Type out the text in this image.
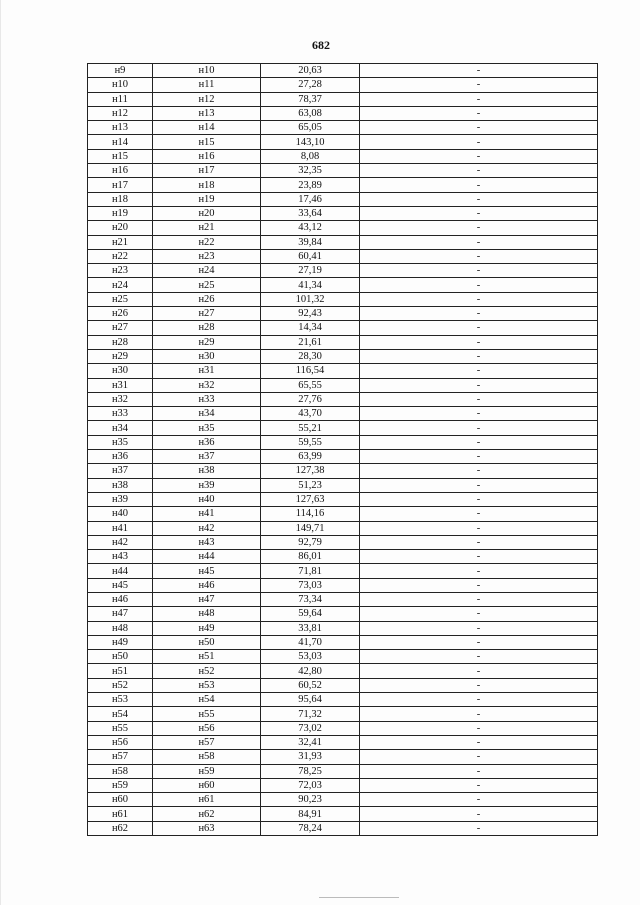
682
н9	н10	20,63	-
н10	н11	27,28	-
н11	н12	78,37	-
н12	н13	63,08	-
н13	н14	65,05	-
н14	н15	143,10	-
н15	н16	8,08	-
н16	н17	32,35	-
н17	н18	23,89	-
н18	н19	17,46	-
н19	н20	33,64	-
н20	н21	43,12	-
н21	н22	39,84	-
н22	н23	60,41	-
н23	н24	27,19	-
н24	н25	41,34	-
н25	н26	101,32	-
н26	н27	92,43	-
н27	н28	14,34	-
н28	н29	21,61	-
н29	н30	28,30	-
н30	н31	116,54	-
н31	н32	65,55	-
н32	н33	27,76	-
н33	н34	43,70	-
н34	н35	55,21	-
н35	н36	59,55	-
н36	н37	63,99	-
н37	н38	127,38	-
н38	н39	51,23	-
н39	н40	127,63	-
н40	н41	114,16	-
н41	н42	149,71	-
н42	н43	92,79	-
н43	н44	86,01	-
н44	н45	71,81	-
н45	н46	73,03	-
н46	н47	73,34	-
н47	н48	59,64	-
н48	н49	33,81	-
н49	н50	41,70	-
н50	н51	53,03	-
н51	н52	42,80	-
н52	н53	60,52	-
н53	н54	95,64	-
н54	н55	71,32	-
н55	н56	73,02	-
н56	н57	32,41	-
н57	н58	31,93	-
н58	н59	78,25	-
н59	н60	72,03	-
н60	н61	90,23	-
н61	н62	84,91	-
н62	н63	78,24	-
